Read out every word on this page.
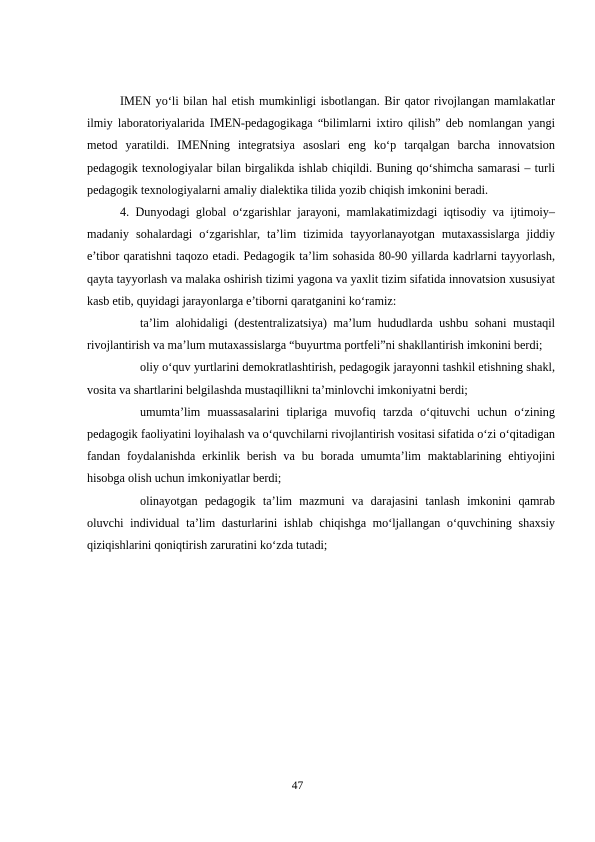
IMEN yo‘li bilan hal etish mumkinligi isbotlangan. Bir qator rivojlangan mamlakatlar ilmiy laboratoriyalarida IMEN-pedagogikaga “bilimlarni ixtiro qilish” deb nomlangan yangi metod yaratildi. IMENning integratsiya asoslari eng ko‘p tarqalgan barcha innovatsion pedagogik texnologiyalar bilan birgalikda ishlab chiqildi. Buning qo‘shimcha samarasi – turli pedagogik texnologiyalarni amaliy dialektika tilida yozib chiqish imkonini beradi.

4. Dunyodagi global o‘zgarishlar jarayoni, mamlakatimizdagi iqtisodiy va ijtimoiy–madaniy sohalardagi o‘zgarishlar, ta’lim tizimida tayyorlanayotgan mutaxassislarga jiddiy e’tibor qaratishni taqozo etadi. Pedagogik ta’lim sohasida 80-90 yillarda kadrlarni tayyorlash, qayta tayyorlash va malaka oshirish tizimi yagona va yaxlit tizim sifatida innovatsion xususiyat kasb etib, quyidagi jarayonlarga e’tiborni qaratganini ko‘ramiz:

ta’lim alohidaligi (destentralizatsiya) ma’lum hududlarda ushbu sohani mustaqil rivojlantirish va ma’lum mutaxassislarga “buyurtma portfeli”ni shakllantirish imkonini berdi;

oliy o‘quv yurtlarini demokratlashtirish, pedagogik jarayonni tashkil etishning shakl, vosita va shartlarini belgilashda mustaqillikni ta’minlovchi imkoniyatni berdi;

umumta’lim muassasalarini tiplariga muvofiq tarzda o‘qituvchi uchun o‘zining pedagogik faoliyatini loyihalash va o‘quvchilarni rivojlantirish vositasi sifatida o‘zi o‘qitadigan fandan foydalanishda erkinlik berish va bu borada umumta’lim maktablarining ehtiyojini hisobga olish uchun imkoniyatlar berdi;

olinayotgan pedagogik ta’lim mazmuni va darajasini tanlash imkonini qamrab oluvchi individual ta’lim dasturlarini ishlab chiqishga mo‘ljallangan o‘quvchining shaxsiy qiziqishlarini qoniqtirish zaruratini ko‘zda tutadi;

47
